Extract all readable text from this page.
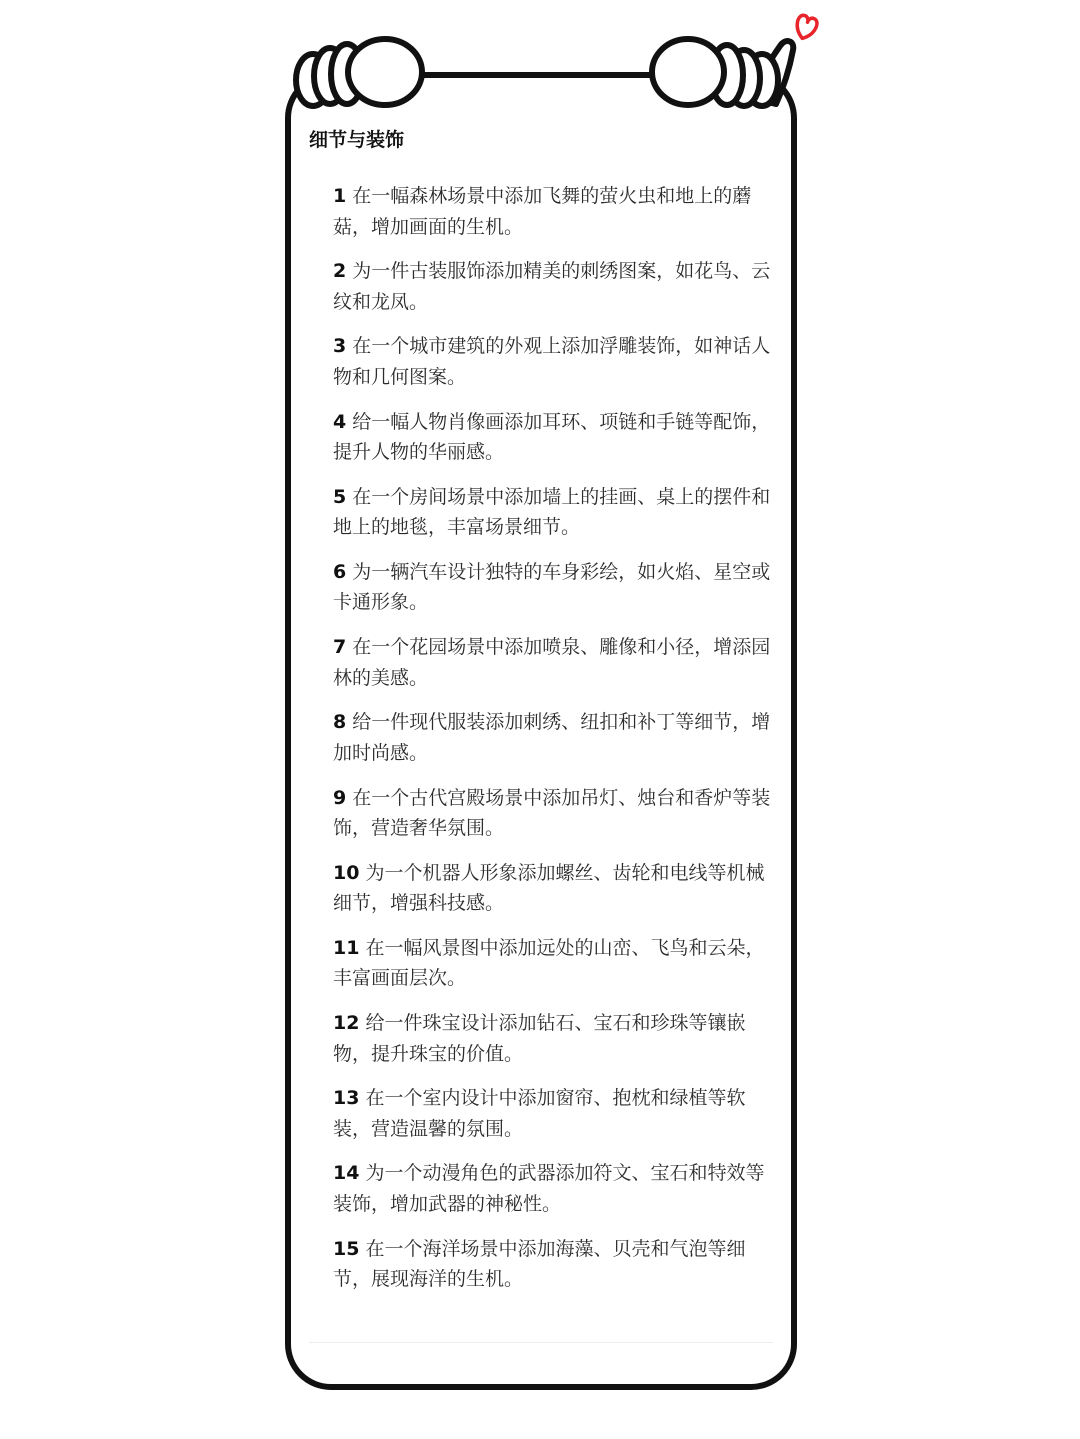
细节与装饰
1 在一幅森林场景中添加飞舞的萤火虫和地上的蘑菇，增加画面的生机。
2 为一件古装服饰添加精美的刺绣图案，如花鸟、云纹和龙凤。
3 在一个城市建筑的外观上添加浮雕装饰，如神话人物和几何图案。
4 给一幅人物肖像画添加耳环、项链和手链等配饰，提升人物的华丽感。
5 在一个房间场景中添加墙上的挂画、桌上的摆件和地上的地毯，丰富场景细节。
6 为一辆汽车设计独特的车身彩绘，如火焰、星空或卡通形象。
7 在一个花园场景中添加喷泉、雕像和小径，增添园林的美感。
8 给一件现代服装添加刺绣、纽扣和补丁等细节，增加时尚感。
9 在一个古代宫殿场景中添加吊灯、烛台和香炉等装饰，营造奢华氛围。
10 为一个机器人形象添加螺丝、齿轮和电线等机械细节，增强科技感。
11 在一幅风景图中添加远处的山峦、飞鸟和云朵，丰富画面层次。
12 给一件珠宝设计添加钻石、宝石和珍珠等镶嵌物，提升珠宝的价值。
13 在一个室内设计中添加窗帘、抱枕和绿植等软装，营造温馨的氛围。
14 为一个动漫角色的武器添加符文、宝石和特效等装饰，增加武器的神秘性。
15 在一个海洋场景中添加海藻、贝壳和气泡等细节，展现海洋的生机。
